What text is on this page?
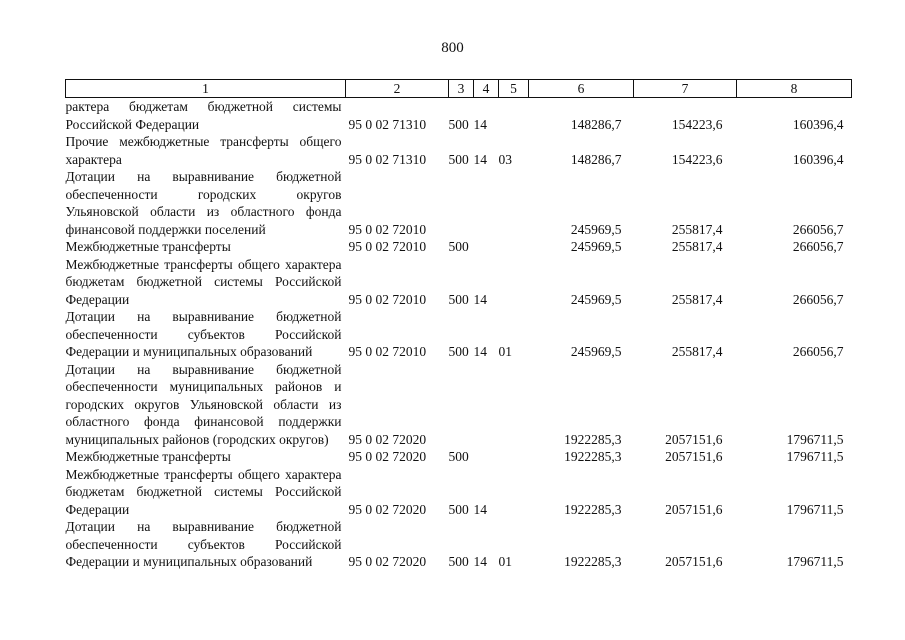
800
1	2	3	4	5	6	7	8
рактера бюджетам бюджетной системы Российской Федерации	95 0 02 71310	500	14		148286,7	154223,6	160396,4
Прочие межбюджетные трансферты общего характера	95 0 02 71310	500	14	03	148286,7	154223,6	160396,4
Дотации на выравнивание бюджетной обеспеченности городских округов Ульяновской области из областного фонда финансовой поддержки поселений	95 0 02 72010				245969,5	255817,4	266056,7
Межбюджетные трансферты	95 0 02 72010	500			245969,5	255817,4	266056,7
Межбюджетные трансферты общего характера бюджетам бюджетной системы Российской Федерации	95 0 02 72010	500	14		245969,5	255817,4	266056,7
Дотации на выравнивание бюджетной обеспеченности субъектов Российской Федерации и муниципальных образований	95 0 02 72010	500	14	01	245969,5	255817,4	266056,7
Дотации на выравнивание бюджетной обеспеченности муниципальных районов и городских округов Ульяновской области из областного фонда финансовой поддержки муниципальных районов (городских округов)	95 0 02 72020				1922285,3	2057151,6	1796711,5
Межбюджетные трансферты	95 0 02 72020	500			1922285,3	2057151,6	1796711,5
Межбюджетные трансферты общего характера бюджетам бюджетной системы Российской Федерации	95 0 02 72020	500	14		1922285,3	2057151,6	1796711,5
Дотации на выравнивание бюджетной обеспеченности субъектов Российской Федерации и муниципальных образований	95 0 02 72020	500	14	01	1922285,3	2057151,6	1796711,5
